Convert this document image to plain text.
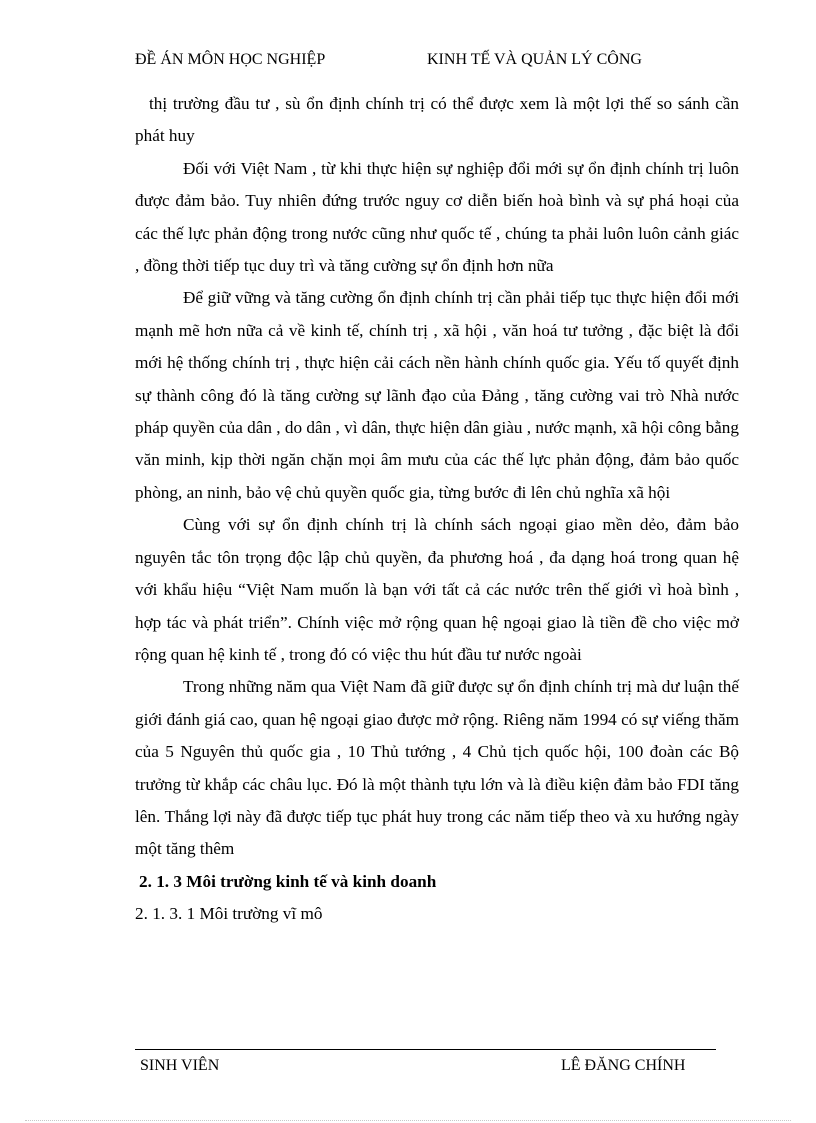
ĐỀ ÁN MÔN HỌC NGHIỆP	KINH TẾ VÀ QUẢN LÝ CÔNG

thị trường đầu tư , sù ổn định chính trị có thể được xem là một lợi thế so sánh cần phát huy

Đối với Việt Nam , từ khi thực hiện sự nghiệp đổi mới sự ổn định chính trị luôn được đảm bảo. Tuy nhiên đứng trước nguy cơ diễn biến hoà bình và sự phá hoại của các thế lực phản động trong nước cũng như quốc tế , chúng ta phải luôn luôn cảnh giác , đồng thời tiếp tục duy trì và tăng cường sự ổn định hơn nữa

Để giữ vững và tăng cường ổn định chính trị cần phải tiếp tục thực hiện đổi mới mạnh mẽ hơn nữa cả về kinh tế, chính trị , xã hội , văn hoá tư tưởng , đặc biệt là đổi mới hệ thống chính trị , thực hiện cải cách nền hành chính quốc gia. Yếu tố quyết định sự thành công đó là tăng cường sự lãnh đạo của Đảng , tăng cường vai trò Nhà nước pháp quyền của dân , do dân , vì dân, thực hiện dân giàu , nước mạnh, xã hội công bằng văn minh, kịp thời ngăn chặn mọi âm mưu của các thế lực phản động, đảm bảo quốc phòng, an ninh, bảo vệ chủ quyền quốc gia, từng bước đi lên chủ nghĩa xã hội

Cùng với sự ổn định chính trị là chính sách ngoại giao mền dẻo, đảm bảo nguyên tắc tôn trọng độc lập chủ quyền, đa phương hoá , đa dạng hoá trong quan hệ với khẩu hiệu “Việt Nam muốn là bạn với tất cả các nước trên thế giới vì hoà bình , hợp tác và phát triển”. Chính việc mở rộng quan hệ ngoại giao là tiền đề cho việc mở rộng quan hệ kinh tế , trong đó có việc thu hút đầu tư nước ngoài

Trong những năm qua Việt Nam đã giữ được sự ổn định chính trị mà dư luận thế giới đánh giá cao, quan hệ ngoại giao được mở rộng. Riêng năm 1994 có sự viếng thăm của 5 Nguyên thủ quốc gia , 10 Thủ tướng , 4 Chủ tịch quốc hội, 100 đoàn các Bộ trưởng từ khắp các châu lục. Đó là một thành tựu lớn và là điều kiện đảm bảo FDI tăng lên. Thắng lợi này đã được tiếp tục phát huy trong các năm tiếp theo và xu hướng ngày một tăng thêm

2. 1. 3 Môi trường kinh tế và kinh doanh

2. 1. 3. 1 Môi trường vĩ mô

SINH VIÊN	LÊ ĐĂNG CHÍNH
